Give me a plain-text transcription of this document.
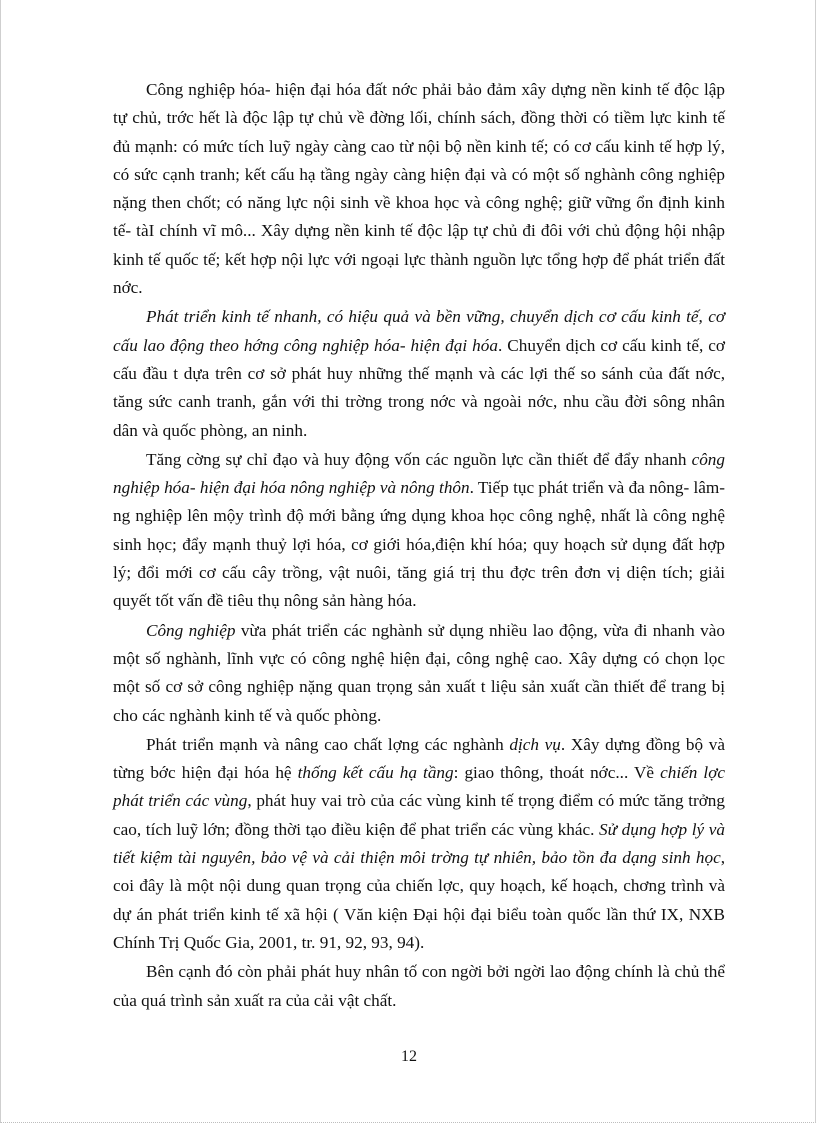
Công nghiệp hóa- hiện đại hóa đất nớc phải bảo đảm xây dựng nền kinh tế độc lập tự chủ, trớc hết là độc lập tự chủ về đờng lối, chính sách, đồng thời có tiềm lực kinh tế đủ mạnh: có mức tích luỹ ngày càng cao từ nội bộ nền kinh tế; có cơ cấu kinh tế hợp lý, có sức cạnh tranh; kết cấu hạ tầng ngày càng hiện đại và có một số nghành công nghiệp nặng then chốt; có năng lực nội sinh về khoa học và công nghệ; giữ vững ổn định kinh tế- tàI chính vĩ mô... Xây dựng nền kinh tế độc lập tự chủ đi đôi với chủ động hội nhập kinh tế quốc tế; kết hợp nội lực với ngoại lực thành nguồn lực tổng hợp để phát triển đất nớc.

Phát triển kinh tế nhanh, có hiệu quả và bền vững, chuyển dịch cơ cấu kinh tế, cơ cấu lao động theo hớng công nghiệp hóa- hiện đại hóa. Chuyển dịch cơ cấu kinh tế, cơ cấu đầu t dựa trên cơ sở phát huy những thế mạnh và các lợi thế so sánh của đất nớc, tăng sức canh tranh, gắn với thi trờng trong nớc và ngoài nớc, nhu cầu đời sông nhân dân và quốc phòng, an ninh.

Tăng cờng sự chỉ đạo và huy động vốn các nguồn lực cần thiết để đẩy nhanh công nghiệp hóa- hiện đại hóa nông nghiệp và nông thôn. Tiếp tục phát triển và đa nông- lâm- ng nghiệp lên mộy trình độ mới bằng ứng dụng khoa học công nghệ, nhất là công nghệ sinh học; đẩy mạnh thuỷ lợi hóa, cơ giới hóa,điện khí hóa; quy hoạch sử dụng đất hợp lý; đổi mới cơ cấu cây trồng, vật nuôi, tăng giá trị thu đợc trên đơn vị diện tích; giải quyết tốt vấn đề tiêu thụ nông sản hàng hóa.

Công nghiệp vừa phát triển các nghành sử dụng nhiều lao động, vừa đi nhanh vào một số nghành, lĩnh vực có công nghệ hiện đại, công nghệ cao. Xây dựng có chọn lọc một số cơ sở công nghiệp nặng quan trọng sản xuất t liệu sản xuất cần thiết để trang bị cho các nghành kinh tế và quốc phòng.

Phát triển mạnh và nâng cao chất lợng các nghành dịch vụ. Xây dựng đồng bộ và từng bớc hiện đại hóa hệ thống kết cấu hạ tầng: giao thông, thoát nớc... Về chiến lợc phát triển các vùng, phát huy vai trò của các vùng kinh tế trọng điểm có mức tăng trởng cao, tích luỹ lớn; đồng thời tạo điều kiện để phat triển các vùng khác. Sử dụng hợp lý và tiết kiệm tài nguyên, bảo vệ và cải thiện môi trờng tự nhiên, bảo tồn đa dạng sinh học, coi đây là một nội dung quan trọng của chiến lợc, quy hoạch, kế hoạch, chơng trình và dự án phát triển kinh tế xã hội ( Văn kiện Đại hội đại biểu toàn quốc lần thứ IX, NXB Chính Trị Quốc Gia, 2001, tr. 91, 92, 93, 94).

Bên cạnh đó còn phải phát huy nhân tố con ngời bởi ngời lao động chính là chủ thể của quá trình sản xuất ra của cải vật chất.

12
